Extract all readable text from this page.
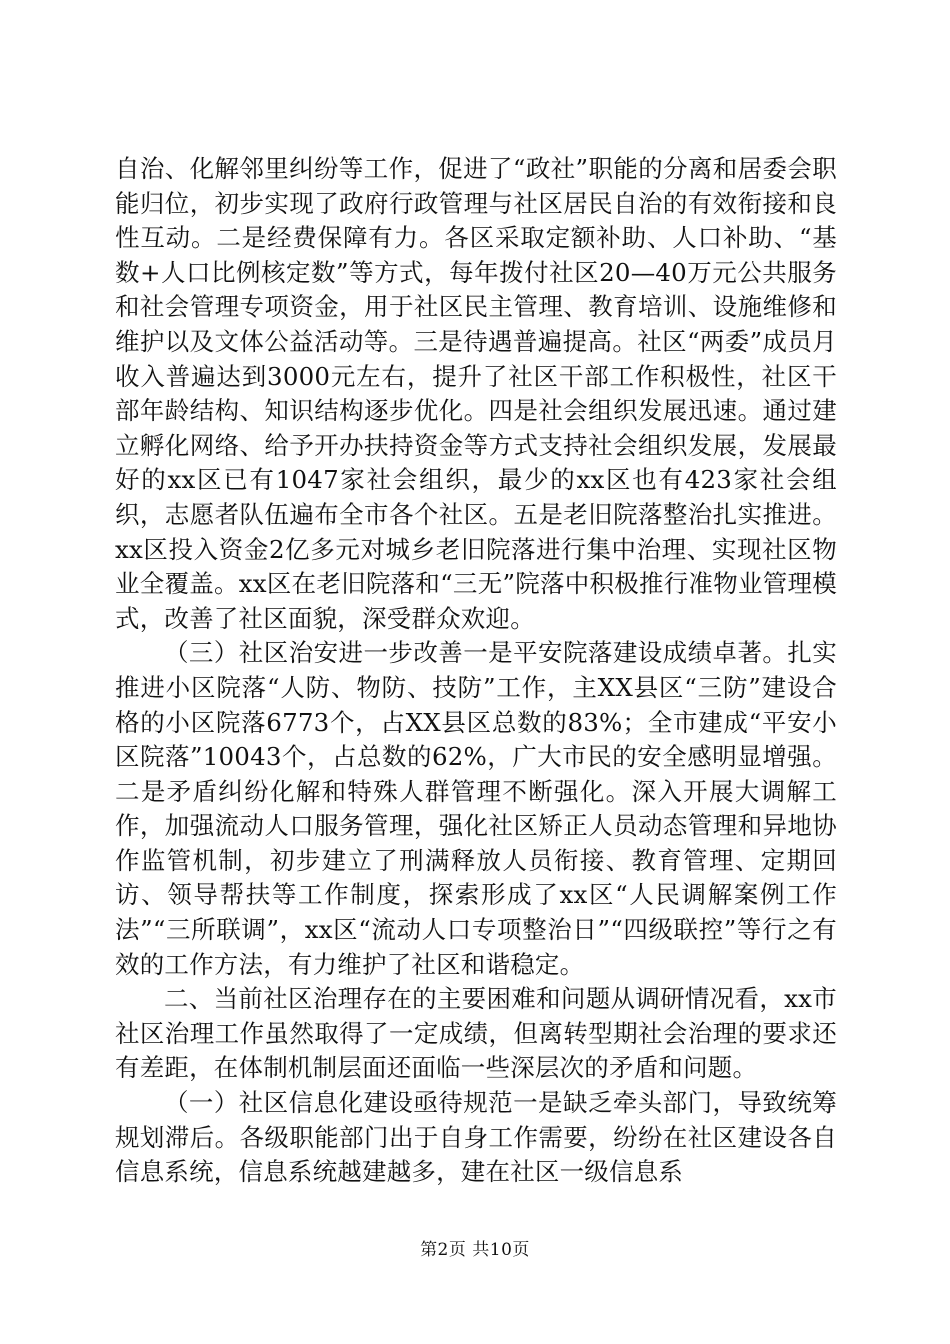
自治、化解邻里纠纷等工作，促进了“政社”职能的分离和居委会职能归位，初步实现了政府行政管理与社区居民自治的有效衔接和良性互动。二是经费保障有力。各区采取定额补助、人口补助、“基数+人口比例核定数”等方式，每年拨付社区20—40万元公共服务和社会管理专项资金，用于社区民主管理、教育培训、设施维修和维护以及文体公益活动等。三是待遇普遍提高。社区“两委”成员月收入普遍达到3000元左右，提升了社区干部工作积极性，社区干部年龄结构、知识结构逐步优化。四是社会组织发展迅速。通过建立孵化网络、给予开办扶持资金等方式支持社会组织发展，发展最好的xx区已有1047家社会组织，最少的xx区也有423家社会组织，志愿者队伍遍布全市各个社区。五是老旧院落整治扎实推进。xx区投入资金2亿多元对城乡老旧院落进行集中治理、实现社区物业全覆盖。xx区在老旧院落和“三无”院落中积极推行准物业管理模式，改善了社区面貌，深受群众欢迎。

（三）社区治安进一步改善一是平安院落建设成绩卓著。扎实推进小区院落“人防、物防、技防”工作，主XX县区“三防”建设合格的小区院落6773个，占XX县区总数的83%；全市建成“平安小区院落”10043个，占总数的62%，广大市民的安全感明显增强。二是矛盾纠纷化解和特殊人群管理不断强化。深入开展大调解工作，加强流动人口服务管理，强化社区矫正人员动态管理和异地协作监管机制，初步建立了刑满释放人员衔接、教育管理、定期回访、领导帮扶等工作制度，探索形成了xx区“人民调解案例工作法”“三所联调”，xx区“流动人口专项整治日”“四级联控”等行之有效的工作方法，有力维护了社区和谐稳定。

二、当前社区治理存在的主要困难和问题从调研情况看，xx市社区治理工作虽然取得了一定成绩，但离转型期社会治理的要求还有差距，在体制机制层面还面临一些深层次的矛盾和问题。

（一）社区信息化建设亟待规范一是缺乏牵头部门，导致统筹规划滞后。各级职能部门出于自身工作需要，纷纷在社区建设各自信息系统，信息系统越建越多，建在社区一级信息系

第2页 共10页
